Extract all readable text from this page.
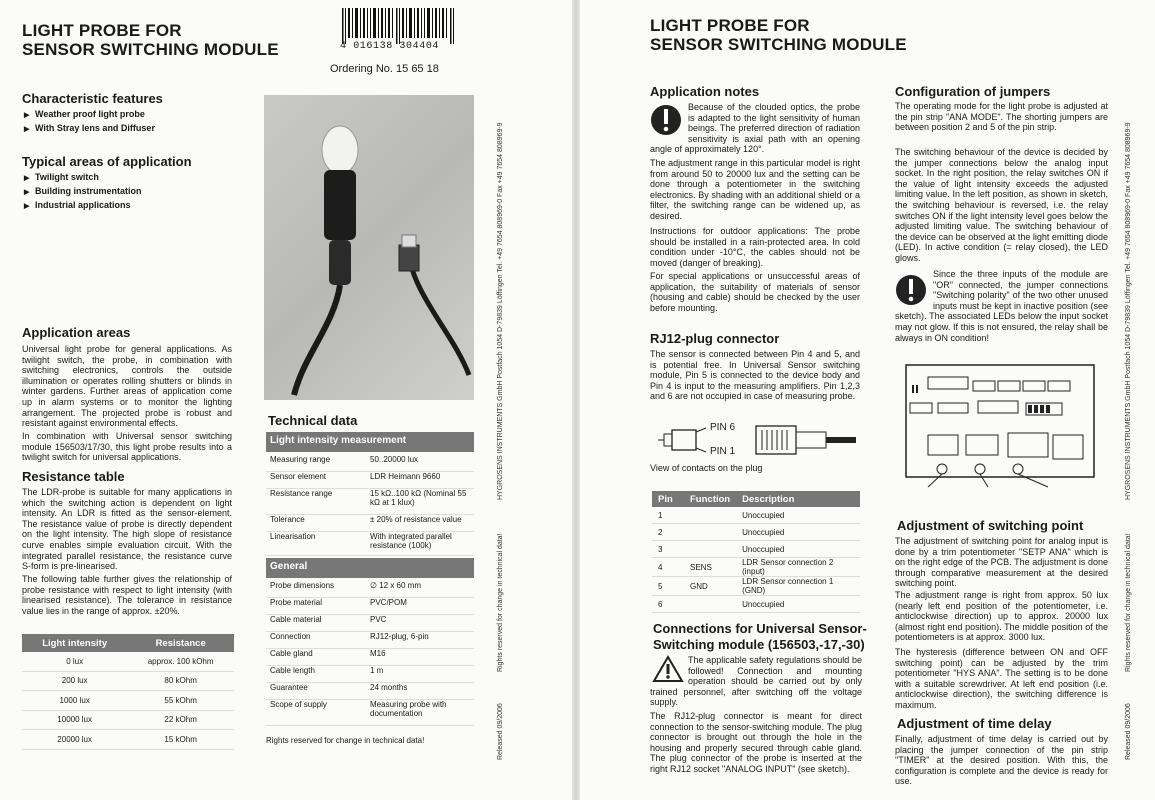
LIGHT PROBE FOR
SENSOR SWITCHING MODULE	4 016138 304404
Ordering No. 15 65 18
Characteristic features
▶ Weather proof light probe
▶ With Stray lens and Diffuser
Typical areas of application
▶ Twilight switch
▶ Building instrumentation
▶ Industrial applications
Application areas
Universal light probe for general applications. As twilight switch, the probe, in combination with switching electronics, controls the outside illumination or operates rolling shutters or blinds in winter gardens. Further areas of application come up in alarm systems or to monitor the lighting arrangement. The projected probe is robust and resistant against environmental effects.
In combination with Universal sensor switching module 156503/17/30, this light probe results into a twilight switch for universal applications.
Resistance table
The LDR-probe is suitable for many applications in which the switching action is dependent on light intensity. An LDR is fitted as the sensor-element. The resistance value of probe is directly dependent on the light intensity. The high slope of resistance curve enables simple evaluation circuit. With the integrated parallel resistance, the resistance curve S-form is pre-linearised.
The following table further gives the relationship of probe resistance with respect to light intensity (with linearised resistance). The tolerance in resistance value lies in the range of approx. ±20%.
Light intensity	Resistance
0 lux	approx. 100 kOhm
200 lux	80 kOhm
1000 lux	55 kOhm
10000 lux	22 kOhm
20000 lux	15 kOhm
Technical data
Light intensity measurement
Measuring range	50..20000 lux
Sensor element	LDR Heimann 9660
Resistance range	15 kΩ..100 kΩ (Nominal 55 kΩ at 1 klux)
Tolerance	± 20% of resistance value
Linearisation	With integrated parallel resistance (100k)
General
Probe dimensions	∅ 12 x 60 mm
Probe material	PVC/POM
Cable material	PVC
Connection	RJ12-plug, 6-pin
Cable gland	M16
Cable length	1 m
Guarantee	24 months
Scope of supply	Measuring probe with documentation
Rights reserved for change in technical data!
HYGROSENS INSTRUMENTS GmbH Postfach 1054 D-79839 Löffingen Tel. +49 7654 808969-0 Fax +49 7654 808969-9
Rights reserved for change in technical data!
Released 09/2006
LIGHT PROBE FOR
SENSOR SWITCHING MODULE
Application notes
Because of the clouded optics, the probe is adapted to the light sensitivity of human beings. The preferred direction of radiation sensitivity is axial path with an opening angle of approximately 120°.
The adjustment range in this particular model is right from around 50 to 20000 lux and the setting can be done through a potentiometer in the switching electronics. By shading with an additional shield or a filter, the switching range can be widened up, as desired.
Instructions for outdoor applications: The probe should be installed in a rain-protected area. In cold condition under -10°C, the cables should not be moved (danger of breaking).
For special applications or unsuccessful areas of application, the suitability of materials of sensor (housing and cable) should be checked by the user before mounting.
RJ12-plug connector
The sensor is connected between Pin 4 and 5, and is potential free. In Universal Sensor switching module, Pin 5 is connected to the device body and Pin 4 is input to the measuring amplifiers. Pin 1,2,3 and 6 are not occupied in case of measuring probe.
PIN 6
PIN 1
View of contacts on the plug
Pin	Function	Description
1		Unoccupied
2		Unoccupied
3		Unoccupied
4	SENS	LDR Sensor connection 2 (input)
5	GND	LDR Sensor connection 1 (GND)
6		Unoccupied
Connections for Universal Sensor-
Switching module (156503,-17,-30)
The applicable safety regulations should be followed! Connection and mounting operation should be carried out by only trained personnel, after switching off the voltage supply.
The RJ12-plug connector is meant for direct connection to the sensor-switching module. The plug connector is brought out through the hole in the housing and properly secured through cable gland. The plug connector of the probe is inserted at the right RJ12 socket "ANALOG INPUT" (see sketch).
Configuration of jumpers
The operating mode for the light probe is adjusted at the pin strip "ANA MODE". The shorting jumpers are between position 2 and 5 of the pin strip.
The switching behaviour of the device is decided by the jumper connections below the analog input socket. In the right position, the relay switches ON if the value of light intensity exceeds the adjusted limiting value. In the left position, as shown in sketch, the switching behaviour is reversed, i.e. the relay switches ON if the light intensity level goes below the adjusted limiting value. The switching behaviour of the device can be observed at the light emitting diode (LED). In active condition (= relay closed), the LED glows.
Since the three inputs of the module are "OR" connected, the jumper connections "Switching polarity" of the two other unused inputs must be kept in inactive position (see sketch). The associated LEDs below the input socket may not glow. If this is not ensured, the relay shall be always in ON condition!
Adjustment of switching point
The adjustment of switching point for analog input is done by a trim potentiometer "SETP ANA" which is on the right edge of the PCB. The adjustment is done through comparative measurement at the desired switching point.
The adjustment range is right from approx. 50 lux (nearly left end position of the potentiometer, i.e. anticlockwise direction) up to approx. 20000 lux (almost right end position). The middle position of the potentiometers is at approx. 3000 lux.
The hysteresis (difference between ON and OFF switching point) can be adjusted by the trim potentiometer "HYS ANA". The setting is to be done with a suitable screwdriver. At left end position (i.e. anticlockwise direction), the switching difference is maximum.
Adjustment of time delay
Finally, adjustment of time delay is carried out by placing the jumper connection of the pin strip "TIMER" at the desired position. With this, the configuration is complete and the device is ready for use.
HYGROSENS INSTRUMENTS GmbH Postfach 1054 D-79839 Löffingen Tel. +49 7654 808969-0 Fax +49 7654 808969-9
Rights reserved for change in technical data!
Released 09/2006
